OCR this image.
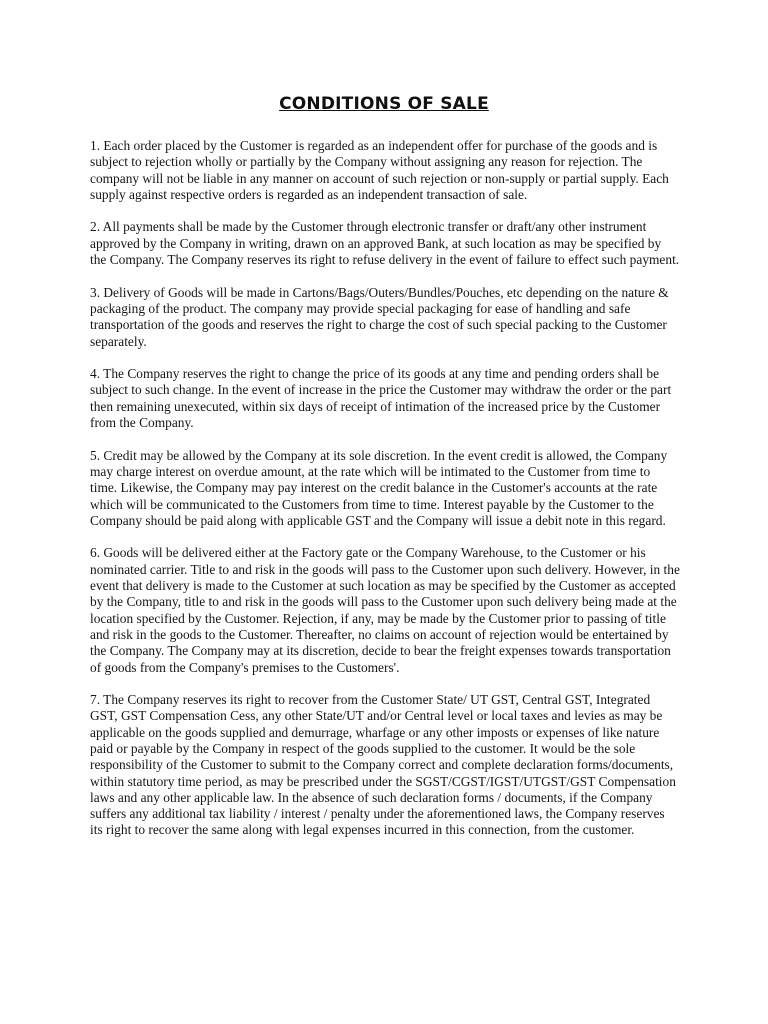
CONDITIONS OF SALE

1. Each order placed by the Customer is regarded as an independent offer for purchase of the goods and is subject to rejection wholly or partially by the Company without assigning any reason for rejection. The company will not be liable in any manner on account of such rejection or non-supply or partial supply. Each supply against respective orders is regarded as an independent transaction of sale.

2. All payments shall be made by the Customer through electronic transfer or draft/any other instrument approved by the Company in writing, drawn on an approved Bank, at such location as may be specified by the Company. The Company reserves its right to refuse delivery in the event of failure to effect such payment.

3. Delivery of Goods will be made in Cartons/Bags/Outers/Bundles/Pouches, etc depending on the nature & packaging of the product. The company may provide special packaging for ease of handling and safe transportation of the goods and reserves the right to charge the cost of such special packing to the Customer separately.

4. The Company reserves the right to change the price of its goods at any time and pending orders shall be subject to such change. In the event of increase in the price the Customer may withdraw the order or the part then remaining unexecuted, within six days of receipt of intimation of the increased price by the Customer from the Company.

5. Credit may be allowed by the Company at its sole discretion. In the event credit is allowed, the Company may charge interest on overdue amount, at the rate which will be intimated to the Customer from time to time. Likewise, the Company may pay interest on the credit balance in the Customer's accounts at the rate which will be communicated to the Customers from time to time. Interest payable by the Customer to the Company should be paid along with applicable GST and the Company will issue a debit note in this regard.

6. Goods will be delivered either at the Factory gate or the Company Warehouse, to the Customer or his nominated carrier. Title to and risk in the goods will pass to the Customer upon such delivery. However, in the event that delivery is made to the Customer at such location as may be specified by the Customer as accepted by the Company, title to and risk in the goods will pass to the Customer upon such delivery being made at the location specified by the Customer. Rejection, if any, may be made by the Customer prior to passing of title and risk in the goods to the Customer. Thereafter, no claims on account of rejection would be entertained by the Company. The Company may at its discretion, decide to bear the freight expenses towards transportation of goods from the Company's premises to the Customers'.

7. The Company reserves its right to recover from the Customer State/ UT GST, Central GST, Integrated GST, GST Compensation Cess, any other State/UT and/or Central level or local taxes and levies as may be applicable on the goods supplied and demurrage, wharfage or any other imposts or expenses of like nature paid or payable by the Company in respect of the goods supplied to the customer. It would be the sole responsibility of the Customer to submit to the Company correct and complete declaration forms/documents, within statutory time period, as may be prescribed under the SGST/CGST/IGST/UTGST/GST Compensation laws and any other applicable law. In the absence of such declaration forms / documents, if the Company suffers any additional tax liability / interest / penalty under the aforementioned laws, the Company reserves its right to recover the same along with legal expenses incurred in this connection, from the customer.
